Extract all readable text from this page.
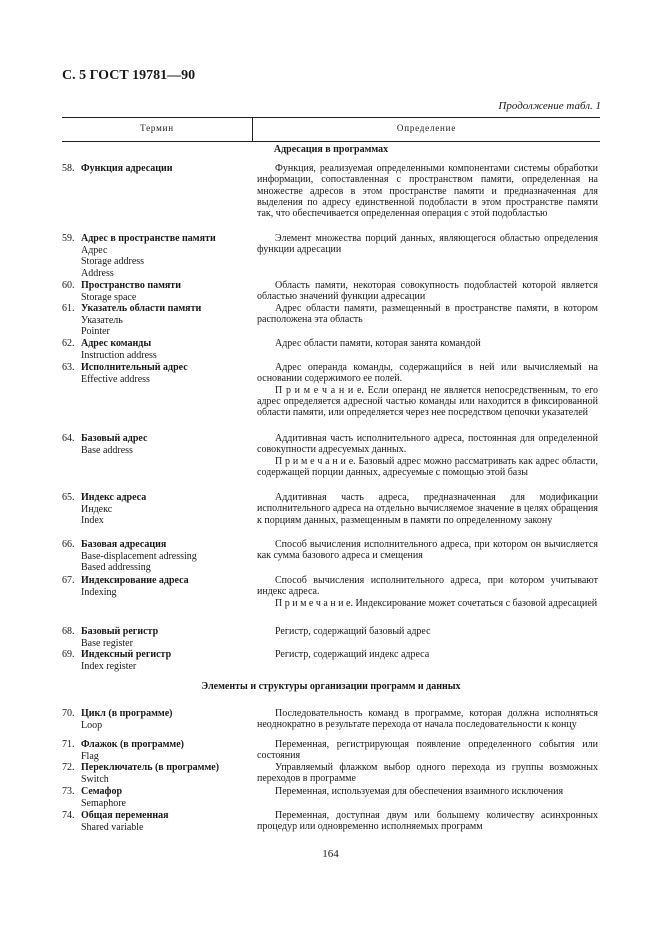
С. 5 ГОСТ 19781—90
Продолжение табл. 1
Термин	Определение
Адресация в программах
Элементы и структуры организации программ и данных
58. Функция адресации	Функция, реализуемая определенными компонентами системы обработки информации, сопоставленная с пространством памяти, определенная на множестве адресов в этом пространстве памяти и предназначенная для выделения по адресу единственной подобласти в этом пространстве памяти так, что обеспечивается определенная операция с этой подобластью

59. Адрес в пространстве памяти
Адрес
Storage address
Address

Элемент множества порций данных, являющегося областью определения функции адресации

60. Пространство памяти
Storage space

Область памяти, некоторая совокупность подобластей которой является областью значений функции адресации

61. Указатель области памяти
Указатель
Pointer

Адрес области памяти, размещенный в пространстве памяти, в котором расположена эта область

62. Адрес команды
Instruction address

Адрес области памяти, которая занята командой

63. Исполнительный адрес
Effective address

Адрес операнда команды, содержащийся в ней или вычисляемый на основании содержимого ее полей.

П р и м е ч а н и е. Если операнд не является непосредственным, то его адрес определяется адресной частью команды или находится в фиксированной области памяти, или определяется через нее посредством цепочки указателей

64. Базовый адрес
Base address

Аддитивная часть исполнительного адреса, постоянная для определенной совокупности адресуемых данных.

П р и м е ч а н и е. Базовый адрес можно рассматривать как адрес области, содержащей порции данных, адресуемые с помощью этой базы

65. Индекс адреса
Индекс
Index

Аддитивная часть адреса, предназначенная для модификации исполнительного адреса на отдельно вычисляемое значение в целях обращения к порциям данных, размещенным в памяти по определенному закону

66. Базовая адресация
Base-displacement adressing
Based addressing

Способ вычисления исполнительного адреса, при котором он вычисляется как сумма базового адреса и смещения

67. Индексирование адреса
Indexing

Способ вычисления исполнительного адреса, при котором учитывают индекс адреса.

П р и м е ч а н и е. Индексирование может сочетаться с базовой адресацией

68. Базовый регистр
Base register

Регистр, содержащий базовый адрес

69. Индексный регистр
Index register

Регистр, содержащий индекс адреса

70. Цикл (в программе)
Loop

Последовательность команд в программе, которая должна исполняться неоднократно в результате перехода от начала последовательности к концу

71. Флажок (в программе)
Flag

Переменная, регистрирующая появление определенного события или состояния

72. Переключатель (в программе)
Switch

Управляемый флажком выбор одного перехода из группы возможных переходов в программе

73. Семафор
Semaphore

Переменная, используемая для обеспечения взаимного исключения

74. Общая переменная
Shared variable

Переменная, доступная двум или большему количеству асинхронных процедур или одновременно исполняемых программ

164
